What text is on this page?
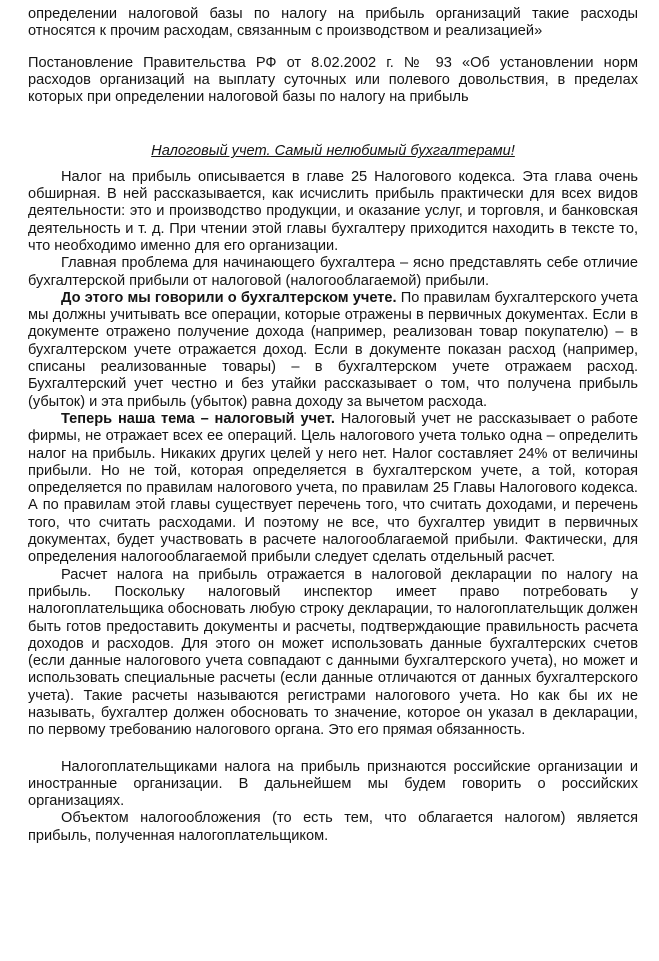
определении налоговой базы по налогу на прибыль организаций такие расходы относятся к прочим расходам, связанным с производством и реализацией»

Постановление Правительства РФ от 8.02.2002 г. № 93 «Об установлении норм расходов организаций на выплату суточных или полевого довольствия, в пределах которых при определении налоговой базы по налогу на прибыль

Налоговый учет. Самый нелюбимый бухгалтерами!

Налог на прибыль описывается в главе 25 Налогового кодекса. Эта глава очень обширная. В ней рассказывается, как исчислить прибыль практически для всех видов деятельности: это и производство продукции, и оказание услуг, и торговля, и банковская деятельность и т. д. При чтении этой главы бухгалтеру приходится находить в тексте то, что необходимо именно для его организации.

Главная проблема для начинающего бухгалтера – ясно представлять себе отличие бухгалтерской прибыли от налоговой (налогооблагаемой) прибыли.

До этого мы говорили о бухгалтерском учете. По правилам бухгалтерского учета мы должны учитывать все операции, которые отражены в первичных документах. Если в документе отражено получение дохода (например, реализован товар покупателю) – в бухгалтерском учете отражается доход. Если в документе показан расход (например, списаны реализованные товары) – в бухгалтерском учете отражаем расход. Бухгалтерский учет честно и без утайки рассказывает о том, что получена прибыль (убыток) и эта прибыль (убыток) равна доходу за вычетом расхода.

Теперь наша тема – налоговый учет. Налоговый учет не рассказывает о работе фирмы, не отражает всех ее операций. Цель налогового учета только одна – определить налог на прибыль. Никаких других целей у него нет. Налог составляет 24% от величины прибыли. Но не той, которая определяется в бухгалтерском учете, а той, которая определяется по правилам налогового учета, по правилам 25 Главы Налогового кодекса. А по правилам этой главы существует перечень того, что считать доходами, и перечень того, что считать расходами. И поэтому не все, что бухгалтер увидит в первичных документах, будет участвовать в расчете налогооблагаемой прибыли. Фактически, для определения налогооблагаемой прибыли следует сделать отдельный расчет.

Расчет налога на прибыль отражается в налоговой декларации по налогу на прибыль. Поскольку налоговый инспектор имеет право потребовать у налогоплательщика обосновать любую строку декларации, то налогоплательщик должен быть готов предоставить документы и расчеты, подтверждающие правильность расчета доходов и расходов. Для этого он может использовать данные бухгалтерских счетов (если данные налогового учета совпадают с данными бухгалтерского учета), но может и использовать специальные расчеты (если данные отличаются от данных бухгалтерского учета). Такие расчеты называются регистрами налогового учета. Но как бы их не называть, бухгалтер должен обосновать то значение, которое он указал в декларации, по первому требованию налогового органа. Это его прямая обязанность.

Налогоплательщиками налога на прибыль признаются российские организации и иностранные организации. В дальнейшем мы будем говорить о российских организациях.

Объектом налогообложения (то есть тем, что облагается налогом) является прибыль, полученная налогоплательщиком.
